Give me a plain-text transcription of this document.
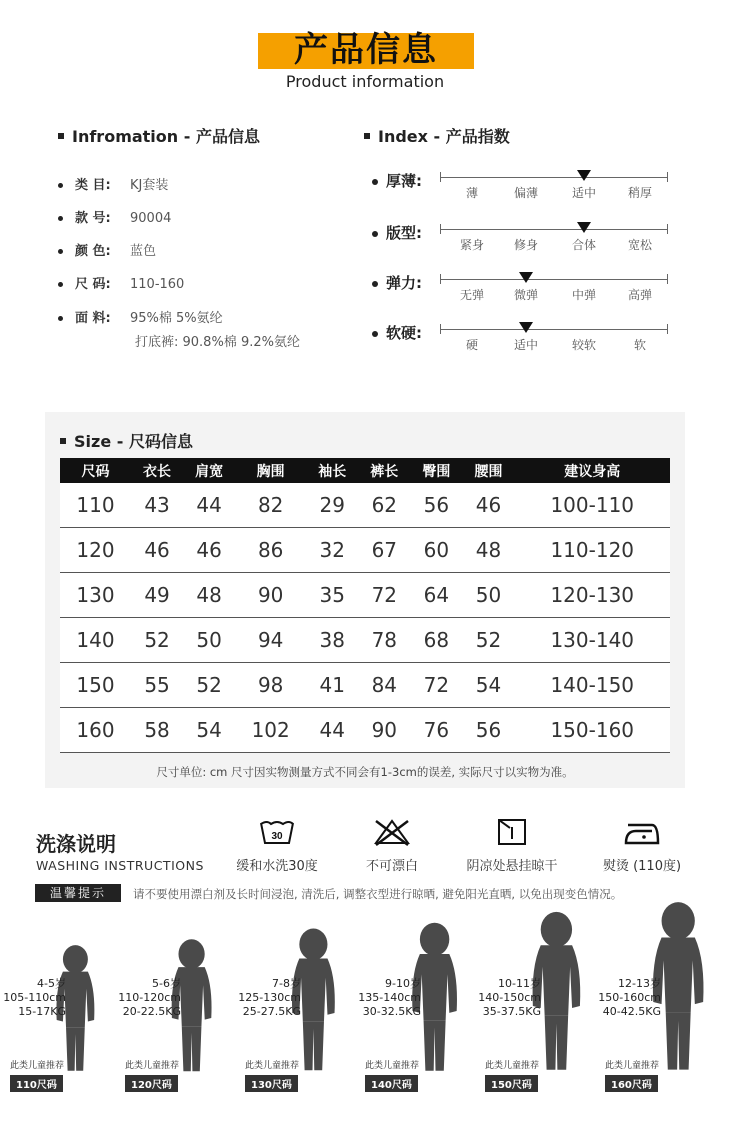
产品信息
Product information
Infromation - 产品信息
类 目: KJ套装
款 号: 90004
颜 色: 蓝色
尺 码: 110-160
面 料: 95%棉 5%氨纶
打底裤: 90.8%棉 9.2%氨纶
Index - 产品指数
厚薄:
薄	偏薄	适中	稍厚
版型:
紧身	修身	合体	宽松
弹力:
无弹	微弹	中弹	高弹
软硬:
硬	适中	较软	软
Size - 尺码信息
尺码	衣长	肩宽	胸围	袖长	裤长	臀围	腰围	建议身高
110	43	44	82	29	62	56	46	100-110
120	46	46	86	32	67	60	48	110-120
130	49	48	90	35	72	64	50	120-130
140	52	50	94	38	78	68	52	130-140
150	55	52	98	41	84	72	54	140-150
160	58	54	102	44	90	76	56	150-160
尺寸单位: cm 尺寸因实物测量方式不同会有1-3cm的误差, 实际尺寸以实物为准。
洗涤说明
WASHING INSTRUCTIONS
30
缓和水洗30度	不可漂白	阴凉处悬挂晾干	熨烫 (110度)
温馨提示	请不要使用漂白剂及长时间浸泡, 清洗后, 调整衣型进行晾晒, 避免阳光直晒, 以免出现变色情况。
4-5岁
105-110cm
15-17KG
此类儿童推荐
110尺码
5-6岁
110-120cm
20-22.5KG
此类儿童推荐
120尺码
7-8岁
125-130cm
25-27.5KG
此类儿童推荐
130尺码
9-10岁
135-140cm
30-32.5KG
此类儿童推荐
140尺码
10-11岁
140-150cm
35-37.5KG
此类儿童推荐
150尺码
12-13岁
150-160cm
40-42.5KG
此类儿童推荐
160尺码
